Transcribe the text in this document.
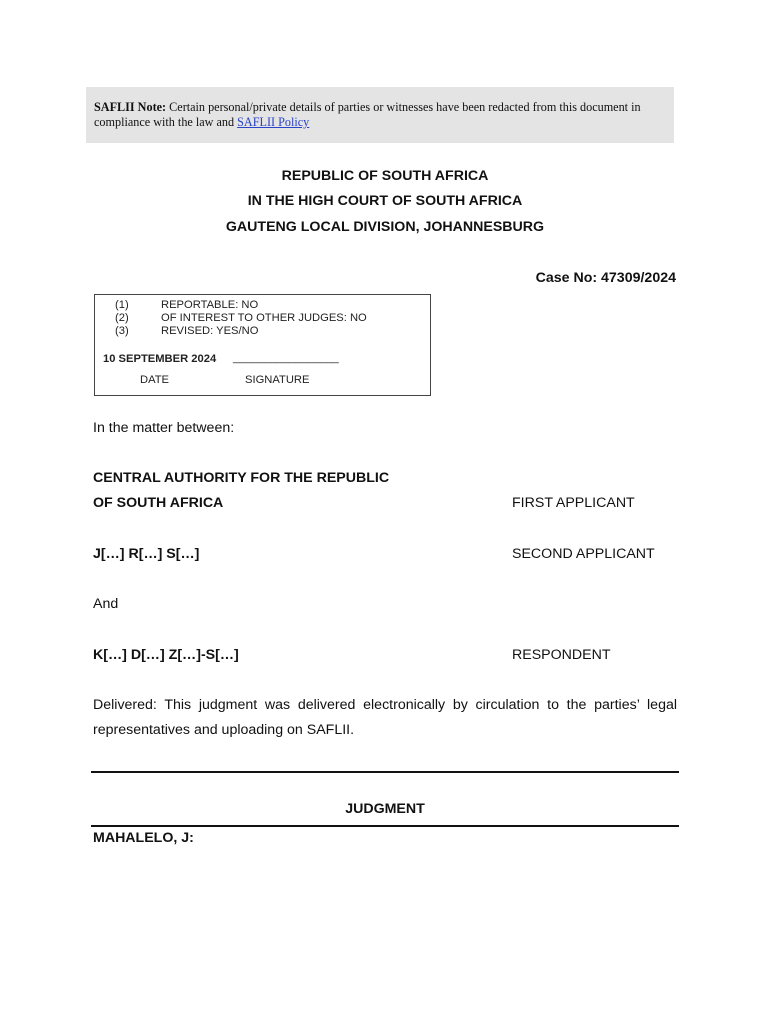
SAFLII Note: Certain personal/private details of parties or witnesses have been redacted from this document in compliance with the law and SAFLII Policy
REPUBLIC OF SOUTH AFRICA
IN THE HIGH COURT OF SOUTH AFRICA
GAUTENG LOCAL DIVISION, JOHANNESBURG
Case No: 47309/2024
(1)	REPORTABLE: NO
(2)	OF INTEREST TO OTHER JUDGES: NO
(3)	REVISED: YES/NO
10 SEPTEMBER 2024 _________________
DATE	SIGNATURE
In the matter between:
CENTRAL AUTHORITY FOR THE REPUBLIC
OF SOUTH AFRICA	FIRST APPLICANT
J[…] R[…] S[…]	SECOND APPLICANT
And
K[…] D[…] Z[…]-S[…]	RESPONDENT
Delivered: This judgment was delivered electronically by circulation to the parties’ legal representatives and uploading on SAFLII.
JUDGMENT
MAHALELO, J:
